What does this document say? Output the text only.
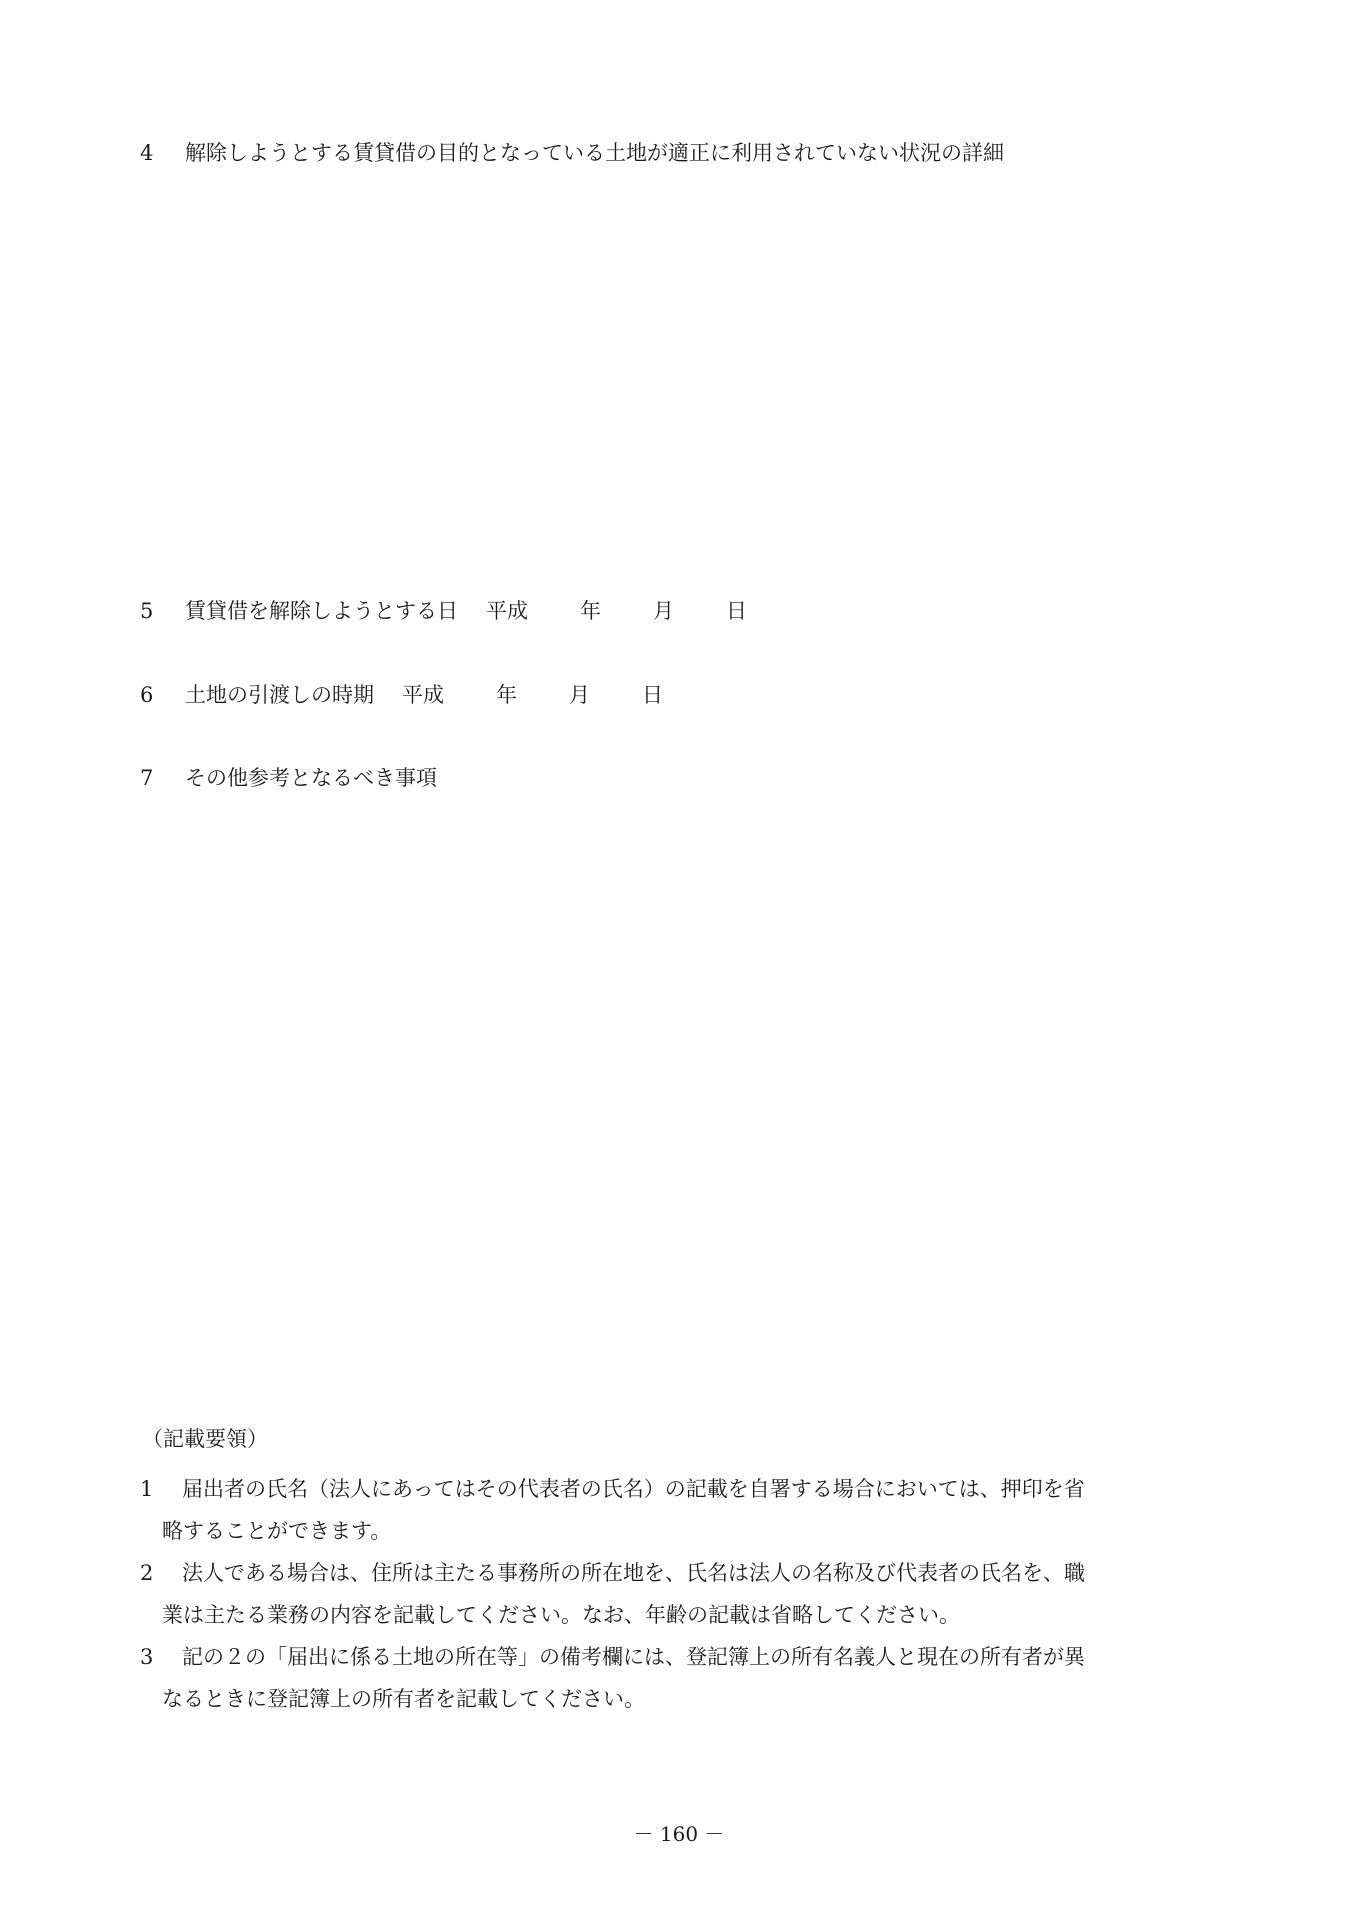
4 解除しようとする賃貸借の目的となっている土地が適正に利用されていない状況の詳細
5 賃貸借を解除しようとする日 平成 年 月 日
6 土地の引渡しの時期 平成 年 月 日
7 その他参考となるべき事項
（記載要領）
1	届出者の氏名（法人にあってはその代表者の氏名）の記載を自署する場合においては、押印を省
略することができます。
2	法人である場合は、住所は主たる事務所の所在地を、氏名は法人の名称及び代表者の氏名を、職
業は主たる業務の内容を記載してください。なお、年齢の記載は省略してください。
3	記の２の「届出に係る土地の所在等」の備考欄には、登記簿上の所有名義人と現在の所有者が異
なるときに登記簿上の所有者を記載してください。
－ 160 －
